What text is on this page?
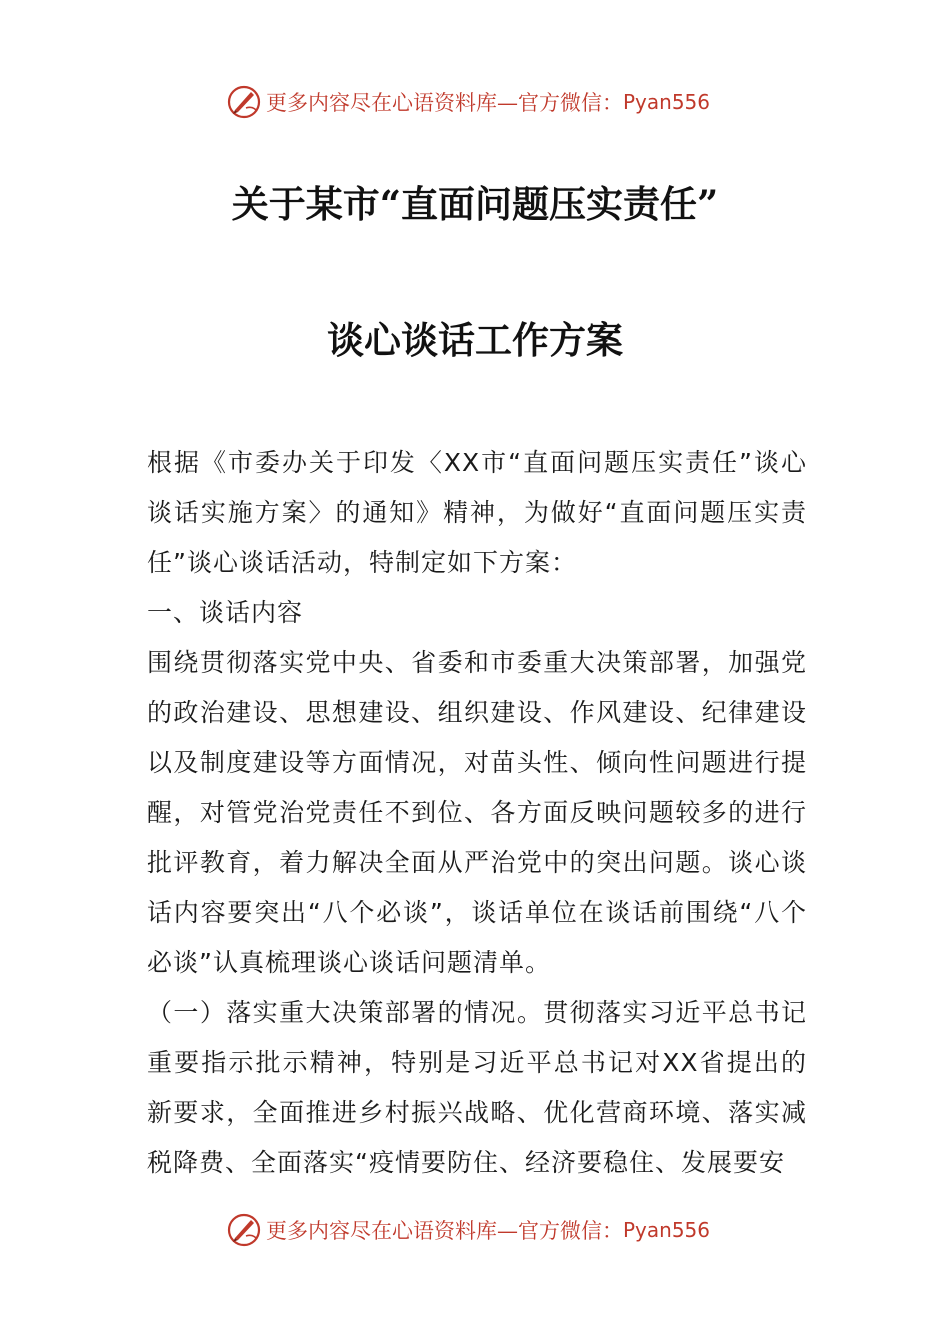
更多内容尽在心语资料库—官方微信： Pyan556
关于某市“直面问题压实责任”
谈心谈话工作方案

根据《市委办关于印发〈XX市“直面问题压实责任”谈心谈话实施方案〉的通知》精神，为做好“直面问题压实责任”谈心谈话活动，特制定如下方案：

一、谈话内容

围绕贯彻落实党中央、省委和市委重大决策部署，加强党的政治建设、思想建设、组织建设、作风建设、纪律建设以及制度建设等方面情况，对苗头性、倾向性问题进行提醒，对管党治党责任不到位、各方面反映问题较多的进行批评教育，着力解决全面从严治党中的突出问题。谈心谈话内容要突出“八个必谈”，谈话单位在谈话前围绕“八个必谈”认真梳理谈心谈话问题清单。

（一）落实重大决策部署的情况。贯彻落实习近平总书记重要指示批示精神，特别是习近平总书记对XX省提出的新要求，全面推进乡村振兴战略、优化营商环境、落实减税降费、全面落实“疫情要防住、经济要稳住、发展要安

更多内容尽在心语资料库—官方微信： Pyan556
